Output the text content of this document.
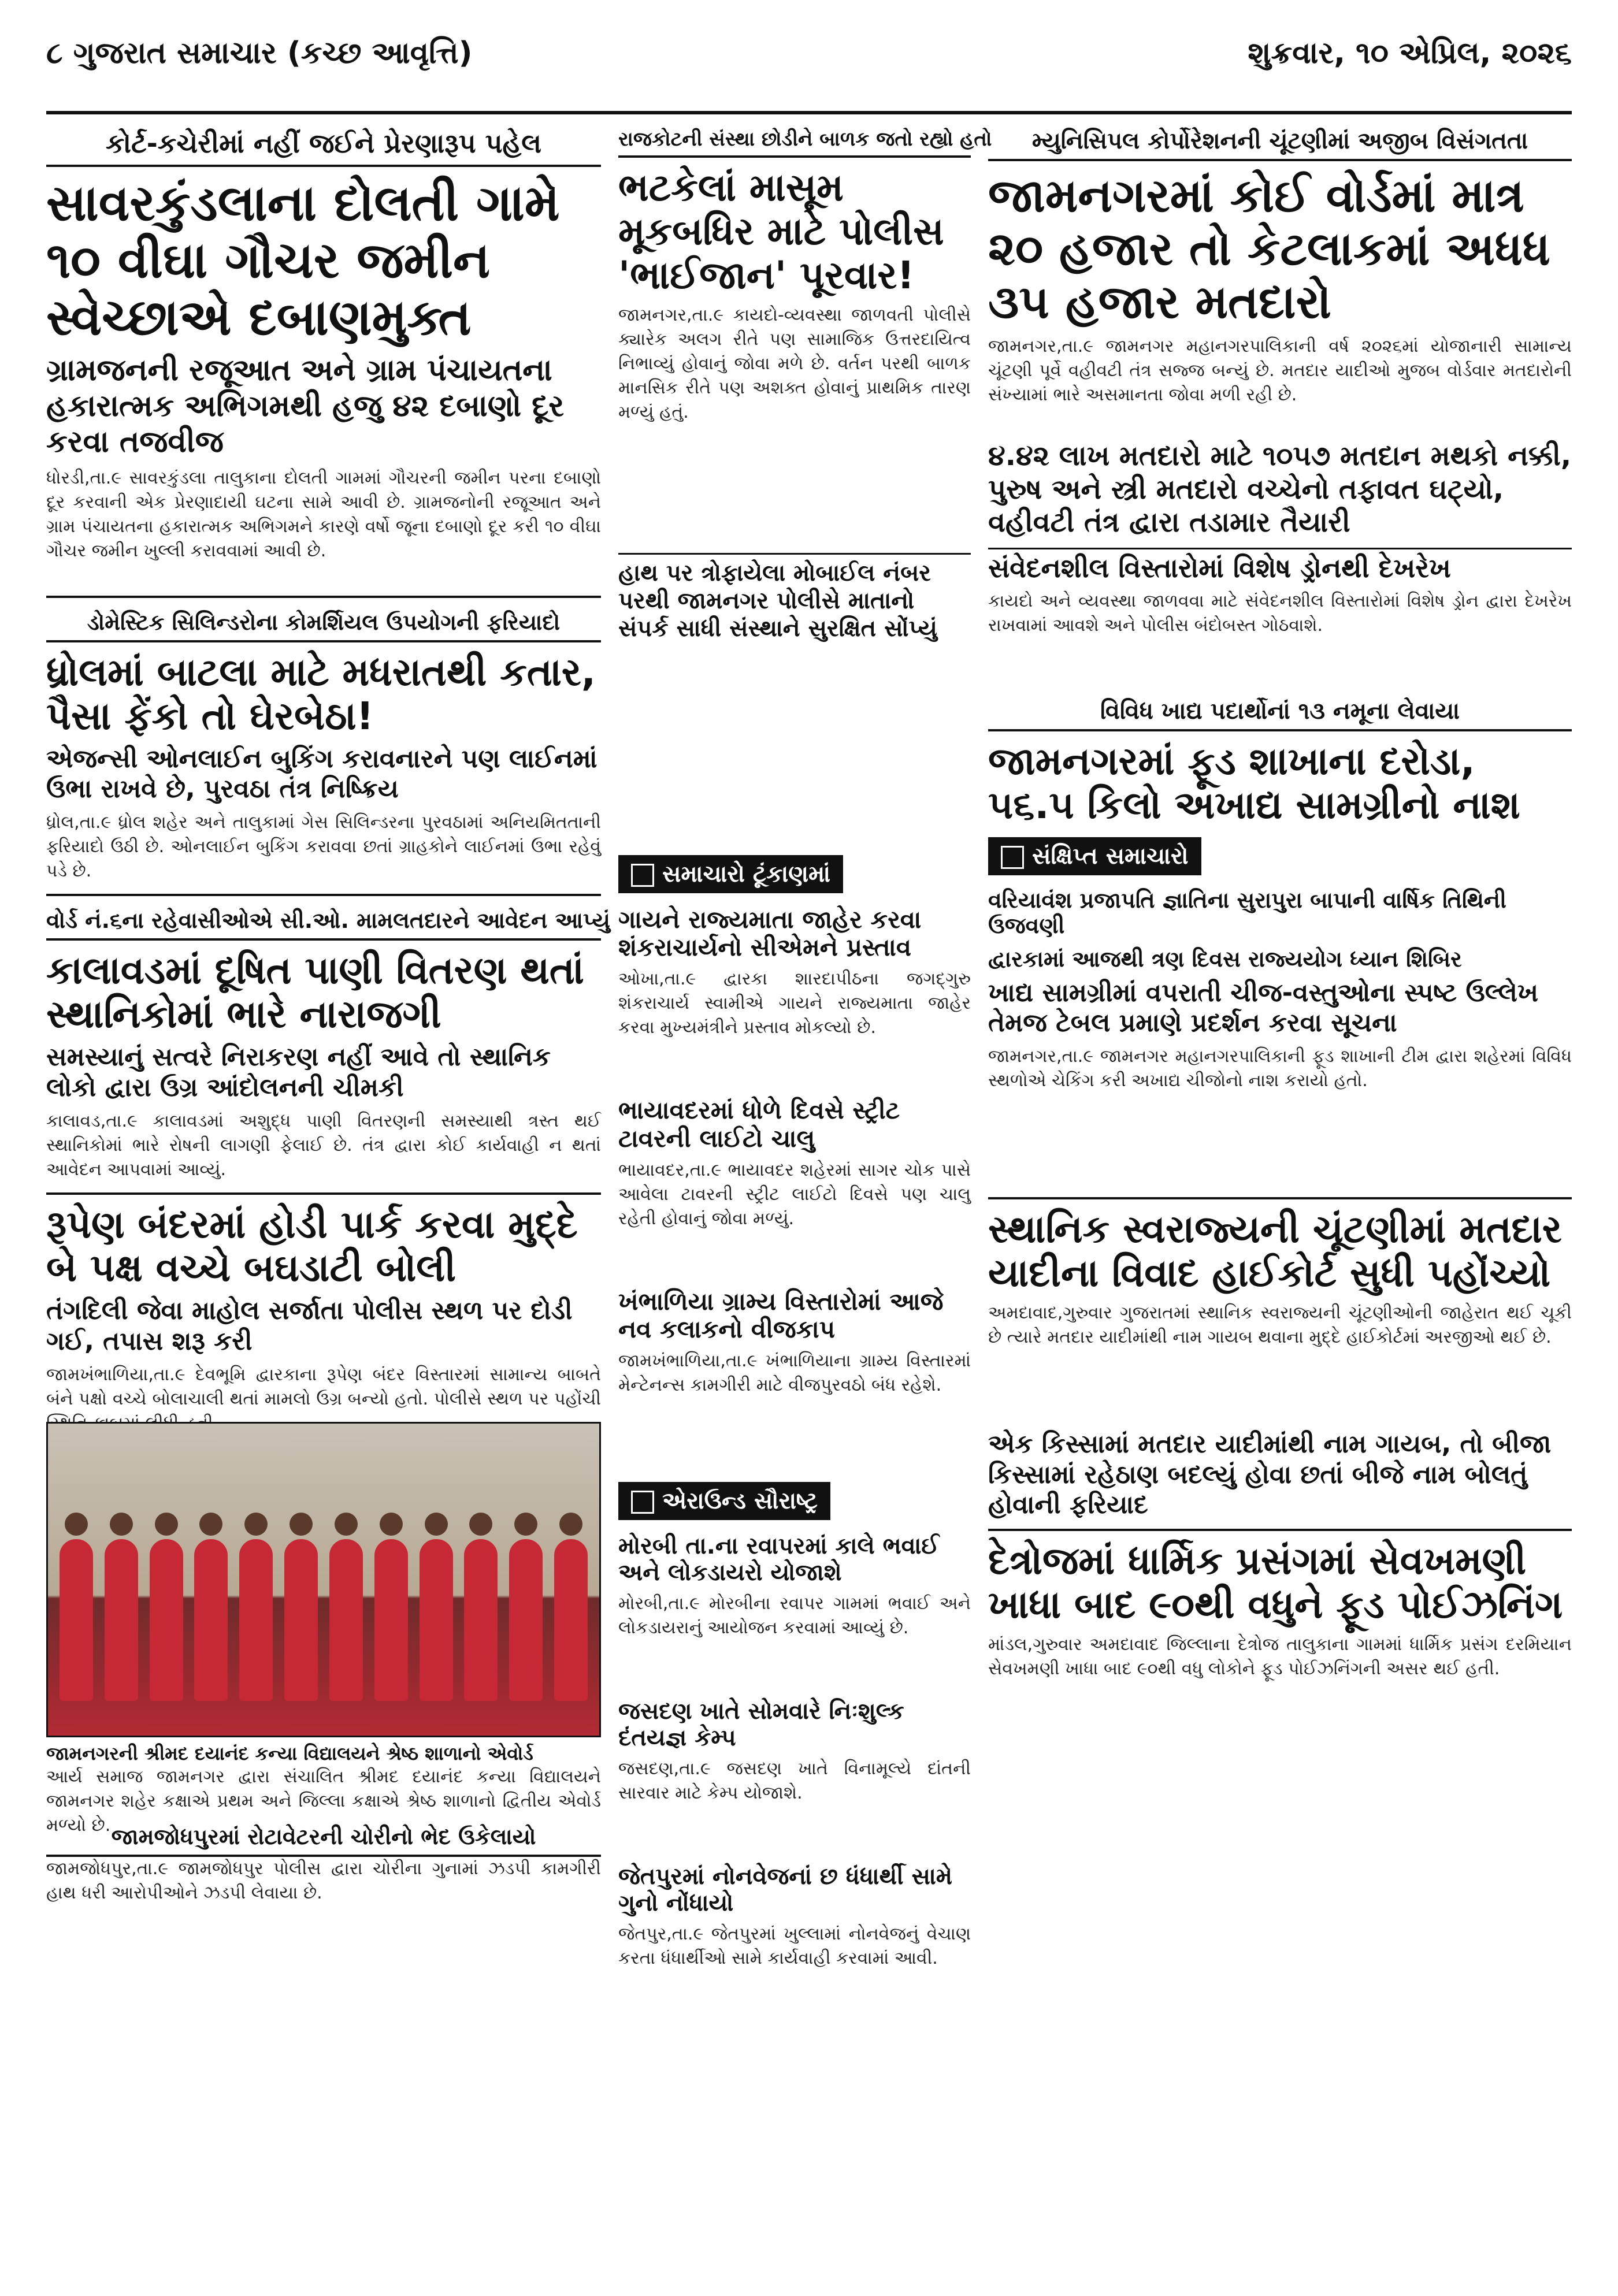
૮ ગુજરાત સમાચાર (કચ્છ આવૃત્તિ)	શુક્રવાર, ૧૦ એપ્રિલ, ૨૦૨૬
કોર્ટ-કચેરીમાં નહીં જઈને પ્રેરણારૂપ પહેલ
સાવરકુંડલાના દોલતી ગામે ૧૦ વીઘા ગૌચર જમીન સ્વેચ્છાએ દબાણમુક્ત
ગ્રામજનની રજૂઆત અને ગ્રામ પંચાયતના હકારાત્મક અભિગમથી હજુ ૪૨ દબાણો દૂર કરવા તજવીજ
ધોરડી,તા.૯ સાવરકુંડલા તાલુકાના દોલતી ગામમાં ગૌચરની જમીન પરના દબાણો દૂર કરવાની એક પ્રેરણાદાયી ઘટના સામે આવી છે. ગ્રામજનોની રજૂઆત અને ગ્રામ પંચાયતના હકારાત્મક અભિગમને કારણે વર્ષો જૂના દબાણો દૂર કરી ૧૦ વીઘા ગૌચર જમીન ખુલ્લી કરાવવામાં આવી છે.
ડોમેસ્ટિક સિલિન્ડરોના કોમર્શિયલ ઉપયોગની ફરિયાદો
ધ્રોલમાં બાટલા માટે મધરાતથી કતાર, પૈસા ફેંકો તો ઘેરબેઠા!
એજન્સી ઓનલાઈન બુકિંગ કરાવનારને પણ લાઈનમાં ઉભા રાખવે છે, પુરવઠા તંત્ર નિષ્ક્રિય
ધ્રોલ,તા.૯ ધ્રોલ શહેર અને તાલુકામાં ગેસ સિલિન્ડરના પુરવઠામાં અનિયમિતતાની ફરિયાદો ઉઠી છે. ઓનલાઈન બુકિંગ કરાવવા છતાં ગ્રાહકોને લાઈનમાં ઉભા રહેવું પડે છે.
વોર્ડ નં.૬ના રહેવાસીઓએ સી.ઓ. મામલતદારને આવેદન આપ્યું
કાલાવડમાં દૂષિત પાણી વિતરણ થતાં સ્થાનિકોમાં ભારે નારાજગી
સમસ્યાનું સત્વરે નિરાકરણ નહીં આવે તો સ્થાનિક લોકો દ્વારા ઉગ્ર આંદોલનની ચીમકી
કાલાવડ,તા.૯ કાલાવડમાં અશુદ્ધ પાણી વિતરણની સમસ્યાથી ત્રસ્ત થઈ સ્થાનિકોમાં ભારે રોષની લાગણી ફેલાઈ છે. તંત્ર દ્વારા કોઈ કાર્યવાહી ન થતાં આવેદન આપવામાં આવ્યું.
રૂપેણ બંદરમાં હોડી પાર્ક કરવા મુદ્દે બે પક્ષ વચ્ચે બઘડાટી બોલી
તંગદિલી જેવા માહોલ સર્જાતા પોલીસ સ્થળ પર દોડી ગઈ, તપાસ શરૂ કરી
જામખંભાળિયા,તા.૯ દેવભૂમિ દ્વારકાના રૂપેણ બંદર વિસ્તારમાં સામાન્ય બાબતે બંને પક્ષો વચ્ચે બોલાચાલી થતાં મામલો ઉગ્ર બન્યો હતો. પોલીસે સ્થળ પર પહોંચી
જામનગરની શ્રીમદ દયાનંદ કન્યા વિદ્યાલયને શ્રેષ્ઠ શાળાનો એવોર્ડ
આર્ય સમાજ જામનગર દ્વારા સંચાલિત શ્રીમદ દયાનંદ કન્યા વિદ્યાલયને જામનગર શહેર કક્ષાએ પ્રથમ અને જિલ્લા કક્ષાએ શ્રેષ્ઠ શાળાનો દ્વિતીય એવોર્ડ મળ્યો છે. જામજોધપુરમાં રોટાવેટરની ચોરીનો ભેદ ઉકેલાયો
જામજોધપુર,તા.૯ જામજોધપુર પોલીસ દ્વારા ચોરીના ગુનામાં ઝડપી કામગીરી હાથ ધરી આરોપીઓને ઝડપી લેવાયા છે.
રાજકોટની સંસ્થા છોડીને બાળક જતો રહ્યો હતો
ભટકેલાં માસૂમ મૂકબધિર માટે પોલીસ 'ભાઈજાન' પૂરવાર!
જામનગર,તા.૯ કાયદો-વ્યવસ્થા જાળવતી પોલીસે ક્યારેક અલગ રીતે પણ સામાજિક ઉત્તરદાયિત્વ નિભાવ્યું હોવાનું જોવા મળે છે. વર્તન પરથી બાળક માનસિક રીતે પણ અશક્ત હોવાનું પ્રાથમિક તારણ મળ્યું હતું.
હાથ પર ત્રોફાયેલા મોબાઈલ નંબર પરથી જામનગર પોલીસે માતાનો સંપર્ક સાધી સંસ્થાને સુરક્ષિત સોંપ્યું
સમાચારો ટૂંકાણમાં
ગાયને રાજ્યમાતા જાહેર કરવા શંકરાચાર્યનો સીએમને પ્રસ્તાવ
ઓખા,તા.૯ દ્વારકા શારદાપીઠના જગદ્ગુરુ શંકરાચાર્ય સ્વામીએ ગાયને રાજ્યમાતા જાહેર કરવા મુખ્યમંત્રીને પ્રસ્તાવ મોકલ્યો છે.
ભાયાવદરમાં ધોળે દિવસે સ્ટ્રીટ ટાવરની લાઈટો ચાલુ
ભાયાવદર,તા.૯ ભાયાવદર શહેરમાં સાગર ચોક પાસે આવેલા ટાવરની સ્ટ્રીટ લાઈટો દિવસે પણ ચાલુ રહેતી હોવાનું જોવા મળ્યું.
ખંભાળિયા ગ્રામ્ય વિસ્તારોમાં આજે નવ કલાકનો વીજકાપ
જામખંભાળિયા,તા.૯ ખંભાળિયાના ગ્રામ્ય વિસ્તારમાં મેન્ટેનન્સ કામગીરી માટે વીજપુરવઠો બંધ રહેશે.
એરાઉન્ડ સૌરાષ્ટ્ર
મોરબી તા.ના રવાપરમાં કાલે ભવાઈ અને લોકડાયરો યોજાશે
મોરબી,તા.૯ મોરબીના રવાપર ગામમાં ભવાઈ અને લોકડાયરાનું આયોજન કરવામાં આવ્યું છે.
જસદણ ખાતે સોમવારે નિઃશુલ્ક દંતયજ્ઞ કેમ્પ
જસદણ,તા.૯ જસદણ ખાતે વિનામૂલ્યે દાંતની સારવાર માટે કેમ્પ યોજાશે.
જેતપુરમાં નોનવેજનાં છ ધંધાર્થી સામે ગુનો નોંધાયો
જેતપુર,તા.૯ જેતપુરમાં ખુલ્લામાં નોનવેજનું વેચાણ કરતા ધંધાર્થીઓ સામે કાર્યવાહી કરવામાં આવી.
મ્યુનિસિપલ કોર્પોરેશનની ચૂંટણીમાં અજીબ વિસંગતતા
જામનગરમાં કોઈ વોર્ડમાં માત્ર ૨૦ હજાર તો કેટલાકમાં અધધ ૩૫ હજાર મતદારો
જામનગર,તા.૯ જામનગર મહાનગરપાલિકાની વર્ષ ૨૦૨૬માં યોજાનારી સામાન્ય ચૂંટણી પૂર્વે વહીવટી તંત્ર સજ્જ બન્યું છે. મતદાર યાદીઓ મુજબ વોર્ડવાર મતદારોની સંખ્યામાં ભારે અસમાનતા જોવા મળી રહી છે.
૪.૪૨ લાખ મતદારો માટે ૧૦૫૭ મતદાન મથકો નક્કી, પુરુષ અને સ્ત્રી મતદારો વચ્ચેનો તફાવત ઘટ્યો, વહીવટી તંત્ર દ્વારા તડામાર તૈયારી
સંવેદનશીલ વિસ્તારોમાં વિશેષ ડ્રોનથી દેખરેખ
કાયદો અને વ્યવસ્થા જાળવવા માટે સંવેદનશીલ વિસ્તારોમાં વિશેષ ડ્રોન દ્વારા દેખરેખ રાખવામાં આવશે અને પોલીસ બંદોબસ્ત ગોઠવાશે.
વિવિધ ખાદ્ય પદાર્થોનાં ૧૩ નમૂના લેવાયા
જામનગરમાં ફૂડ શાખાના દરોડા, ૫૬.૫ કિલો અખાદ્ય સામગ્રીનો નાશ
સંક્ષિપ્ત સમાચારો
વરિયાવંશ પ્રજાપતિ જ્ઞાતિના સુરાપુરા બાપાની વાર્ષિક તિથિની ઉજવણી
દ્વારકામાં આજથી ત્રણ દિવસ રાજ્યયોગ ધ્યાન શિબિર
ખાદ્ય સામગ્રીમાં વપરાતી ચીજ-વસ્તુઓના સ્પષ્ટ ઉલ્લેખ તેમજ ટેબલ પ્રમાણે પ્રદર્શન કરવા સૂચના
જામનગર,તા.૯ જામનગર મહાનગરપાલિકાની ફૂડ શાખાની ટીમ દ્વારા શહેરમાં વિવિધ સ્થળોએ ચેકિંગ કરી અખાદ્ય ચીજોનો નાશ કરાયો હતો.
સ્થાનિક સ્વરાજ્યની ચૂંટણીમાં મતદાર યાદીના વિવાદ હાઈકોર્ટ સુધી પહોંચ્યો
અમદાવાદ,ગુરુવાર ગુજરાતમાં સ્થાનિક સ્વરાજ્યની ચૂંટણીઓની જાહેરાત થઈ ચૂકી છે ત્યારે મતદાર યાદીમાંથી નામ ગાયબ થવાના મુદ્દે હાઈકોર્ટમાં અરજીઓ થઈ છે.
એક કિસ્સામાં મતદાર યાદીમાંથી નામ ગાયબ, તો બીજા કિસ્સામાં રહેઠાણ બદલ્યું હોવા છતાં બીજે નામ બોલતું હોવાની ફરિયાદ
દેત્રોજમાં ધાર્મિક પ્રસંગમાં સેવખમણી ખાધા બાદ ૯૦થી વધુને ફૂડ પોઈઝનિંગ
માંડલ,ગુરુવાર અમદાવાદ જિલ્લાના દેત્રોજ તાલુકાના ગામમાં ધાર્મિક પ્રસંગ દરમિયાન સેવખમણી ખાધા બાદ ૯૦થી વધુ લોકોને ફૂડ પોઈઝનિંગની અસર થઈ હતી.
